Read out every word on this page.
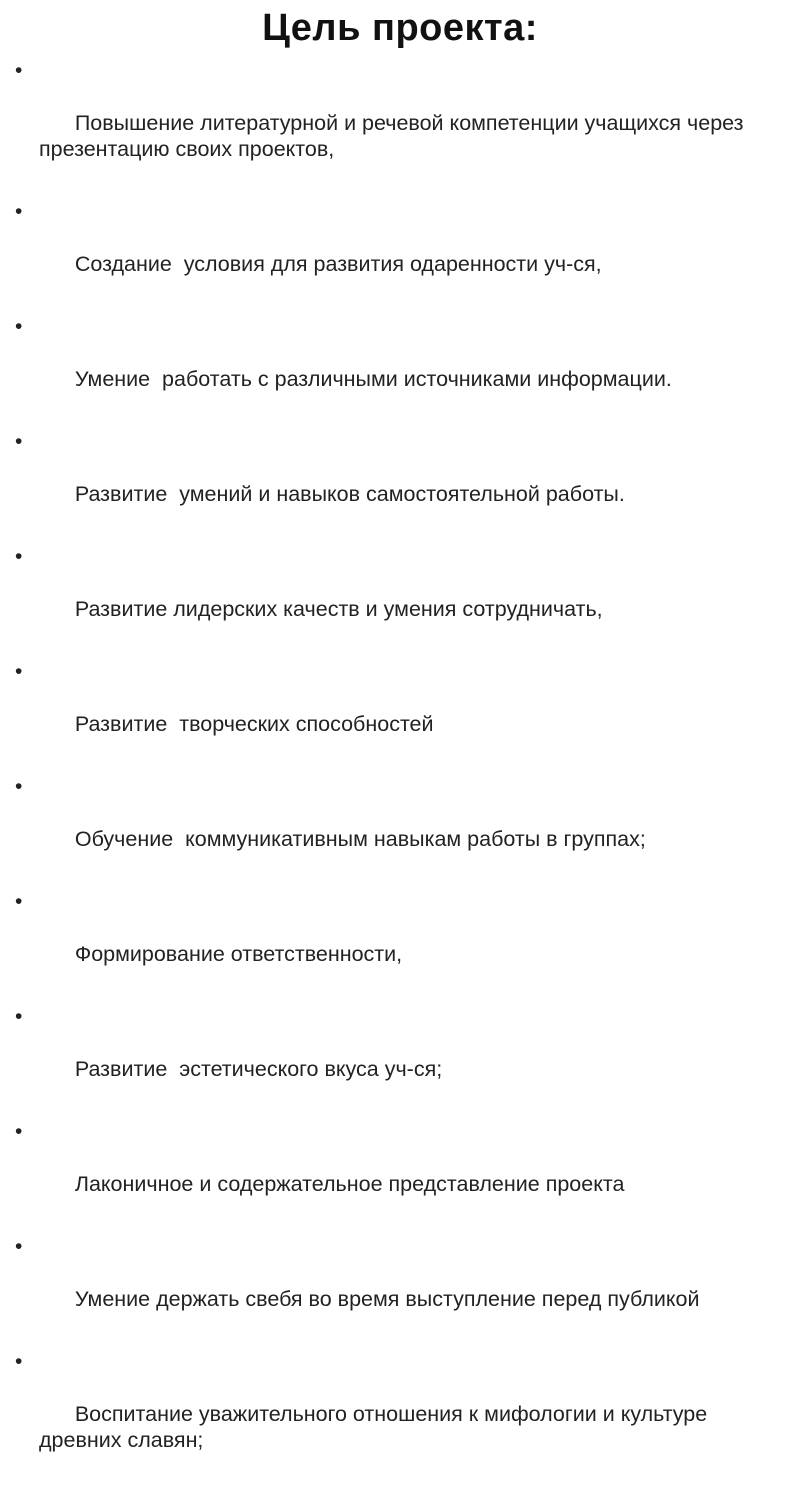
Цель проекта:

•

Повышение литературной и речевой компетенции учащихся через презентацию своих проектов,

•

Создание  условия для развития одаренности уч-ся,

•

Умение  работать с различными источниками информации.

•

Развитие  умений и навыков самостоятельной работы.

•

Развитие лидерских качеств и умения сотрудничать,

•

Развитие  творческих способностей

•

Обучение  коммуникативным навыкам работы в группах;

•

Формирование ответственности,

•

Развитие  эстетического вкуса уч-ся;

•

Лаконичное и содержательное представление проекта

•

Умение держать свебя во время выступление перед публикой

•

Воспитание уважительного отношения к мифологии и культуре древних славян;
